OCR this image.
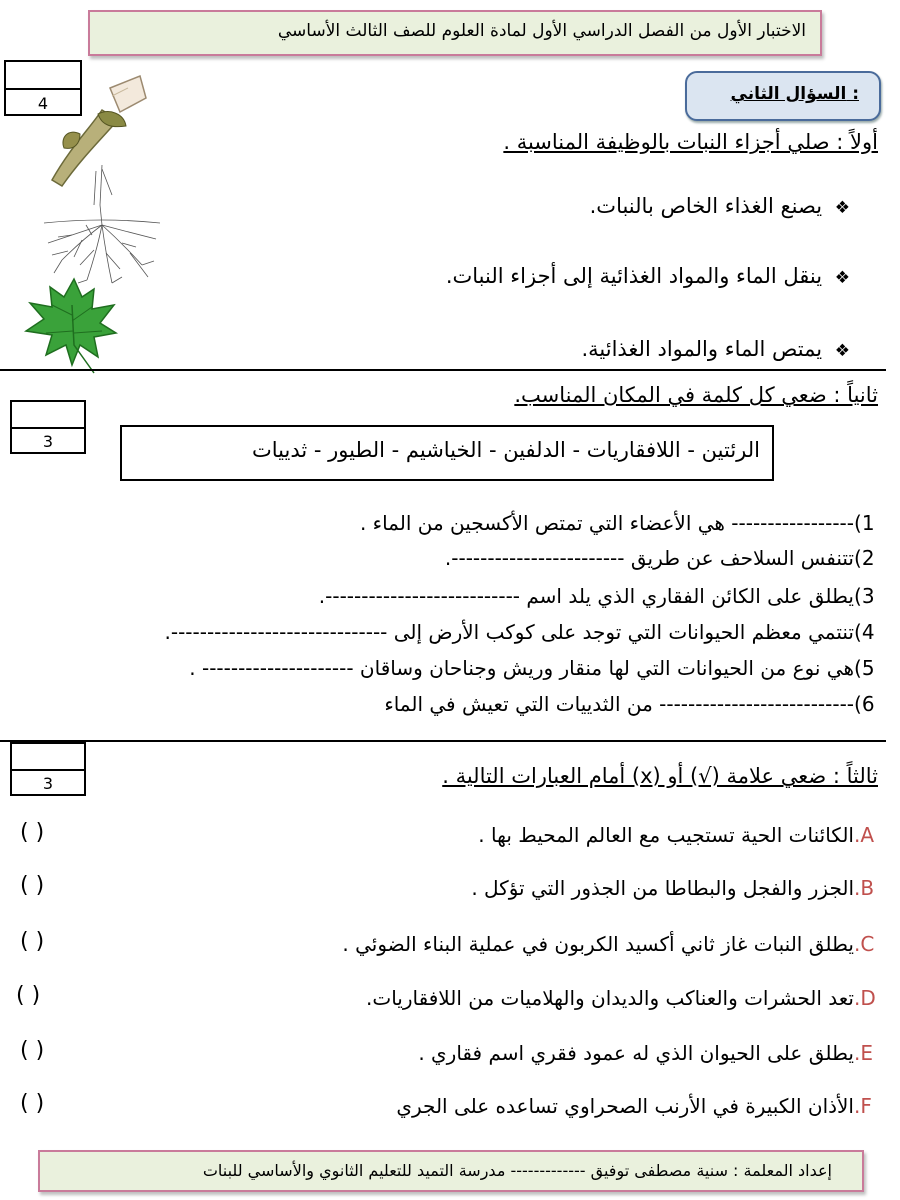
الاختبار الأول من الفصل الدراسي الأول لمادة العلوم للصف الثالث الأساسي
4	السؤال الثاني :
أولاً : صلي أجزاء النبات بالوظيفة المناسبة .
❖ يصنع الغذاء الخاص بالنبات.
❖ ينقل الماء والمواد الغذائية إلى أجزاء النبات.
❖ يمتص الماء والمواد الغذائية.
ثانياً : ضعي كل كلمة في المكان المناسب.
3	الرئتين - اللافقاريات - الدلفين - الخياشيم - الطيور - ثدييات
1)----------------- هي الأعضاء التي تمتص الأكسجين من الماء .
2)تتنفس السلاحف عن طريق ------------------------.
3)يطلق على الكائن الفقاري الذي يلد اسم ---------------------------.
4)تنتمي معظم الحيوانات التي توجد على كوكب الأرض إلى ------------------------------.
5)هي نوع من الحيوانات التي لها منقار وريش وجناحان وساقان --------------------- .
6)--------------------------- من الثدييات التي تعيش في الماء
3	ثالثاً : ضعي علامة (√) أو (x) أمام العبارات التالية .
A.الكائنات الحية تستجيب مع العالم المحيط بها .
( )
B.الجزر والفجل والبطاطا من الجذور التي تؤكل .
( )
C.يطلق النبات غاز ثاني أكسيد الكربون في عملية البناء الضوئي .
( )
D.تعد الحشرات والعناكب والديدان والهلاميات من اللافقاريات.
( )
E.يطلق على الحيوان الذي له عمود فقري اسم فقاري .
( )
F.الأذان الكبيرة في الأرنب الصحراوي تساعده على الجري
( )
إعداد المعلمة : سنية مصطفى توفيق ------------- مدرسة التميد للتعليم الثانوي والأساسي للبنات
